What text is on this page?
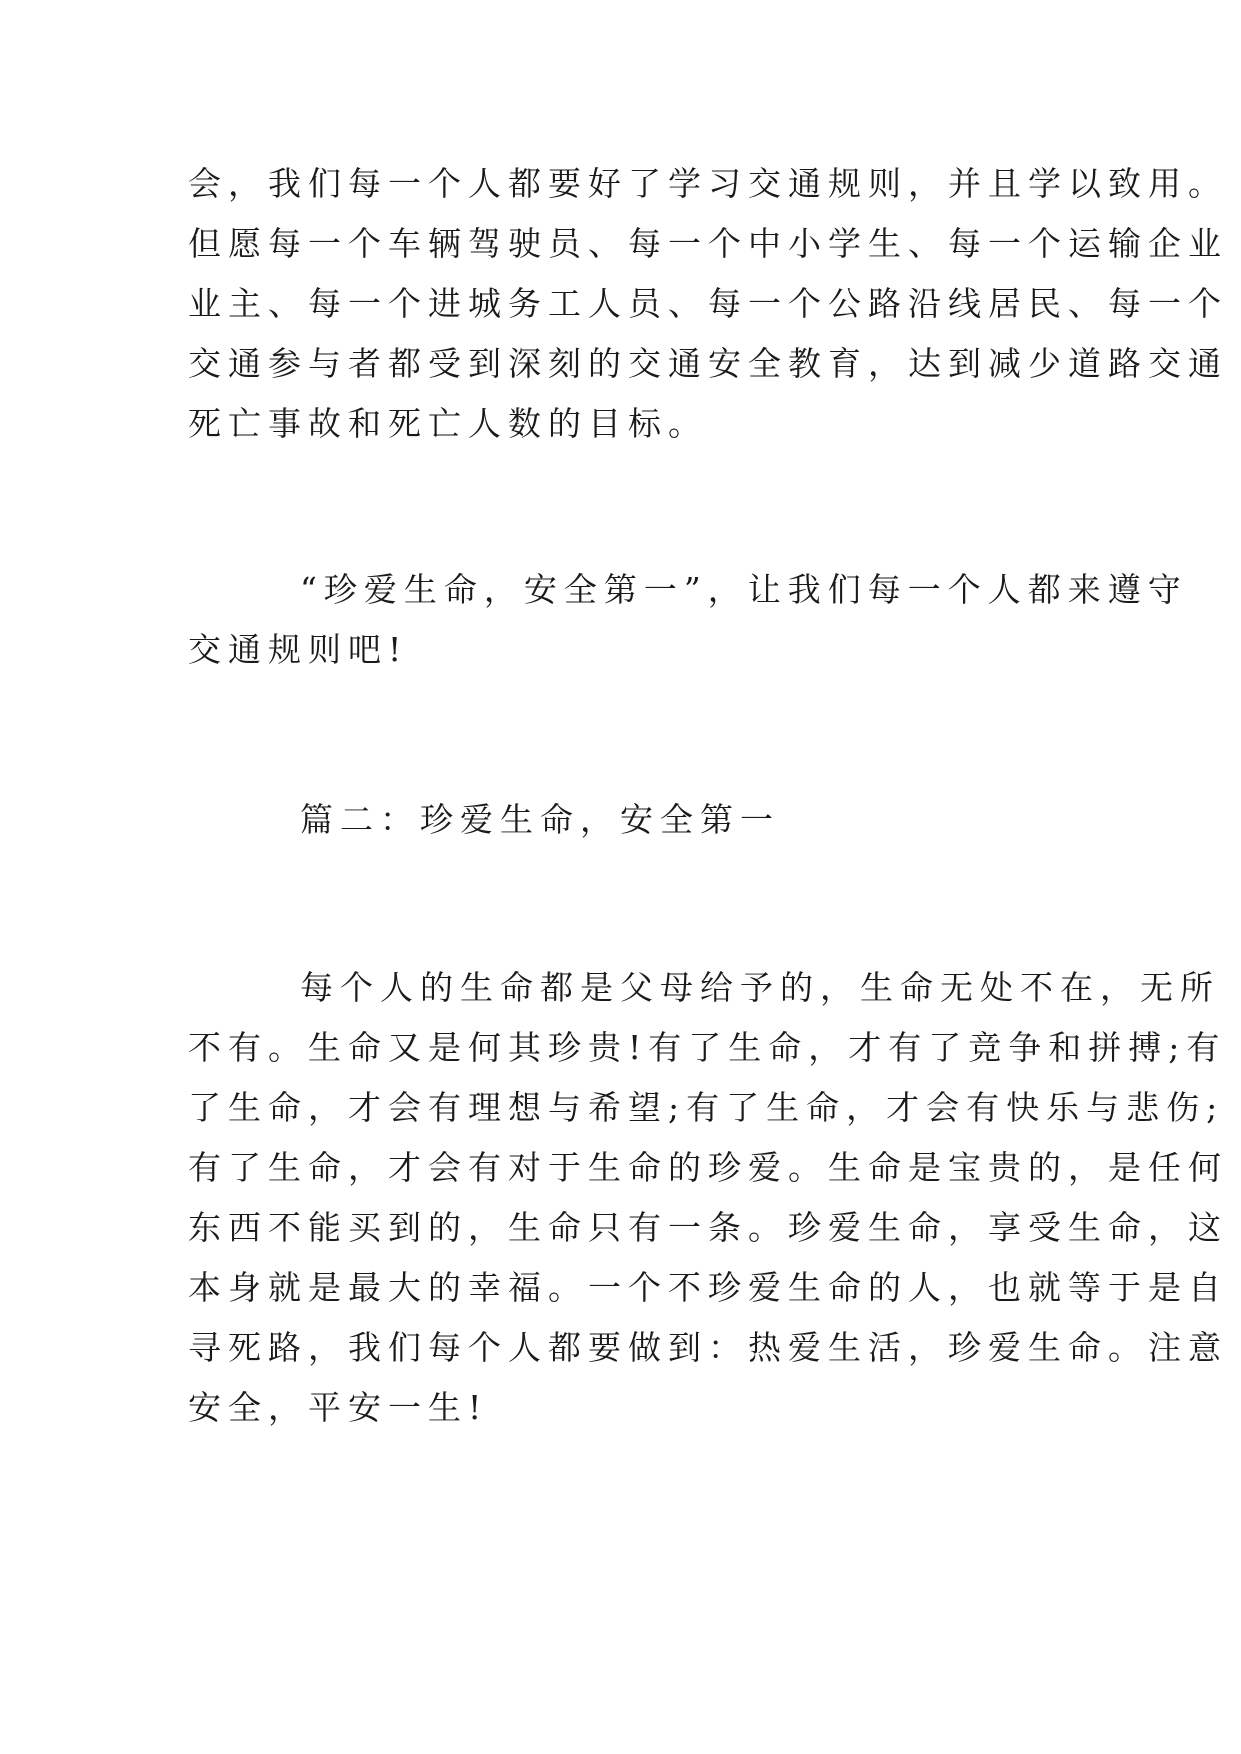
会，我们每一个人都要好了学习交通规则，并且学以致用。
但愿每一个车辆驾驶员、每一个中小学生、每一个运输企业
业主、每一个进城务工人员、每一个公路沿线居民、每一个
交通参与者都受到深刻的交通安全教育，达到减少道路交通
死亡事故和死亡人数的目标。
“珍爱生命，安全第一”，让我们每一个人都来遵守
交通规则吧!
篇二：珍爱生命，安全第一
每个人的生命都是父母给予的，生命无处不在，无所
不有。生命又是何其珍贵!有了生命，才有了竞争和拼搏;有
了生命，才会有理想与希望;有了生命，才会有快乐与悲伤;
有了生命，才会有对于生命的珍爱。生命是宝贵的，是任何
东西不能买到的，生命只有一条。珍爱生命，享受生命，这
本身就是最大的幸福。一个不珍爱生命的人，也就等于是自
寻死路，我们每个人都要做到：热爱生活，珍爱生命。注意
安全，平安一生!
